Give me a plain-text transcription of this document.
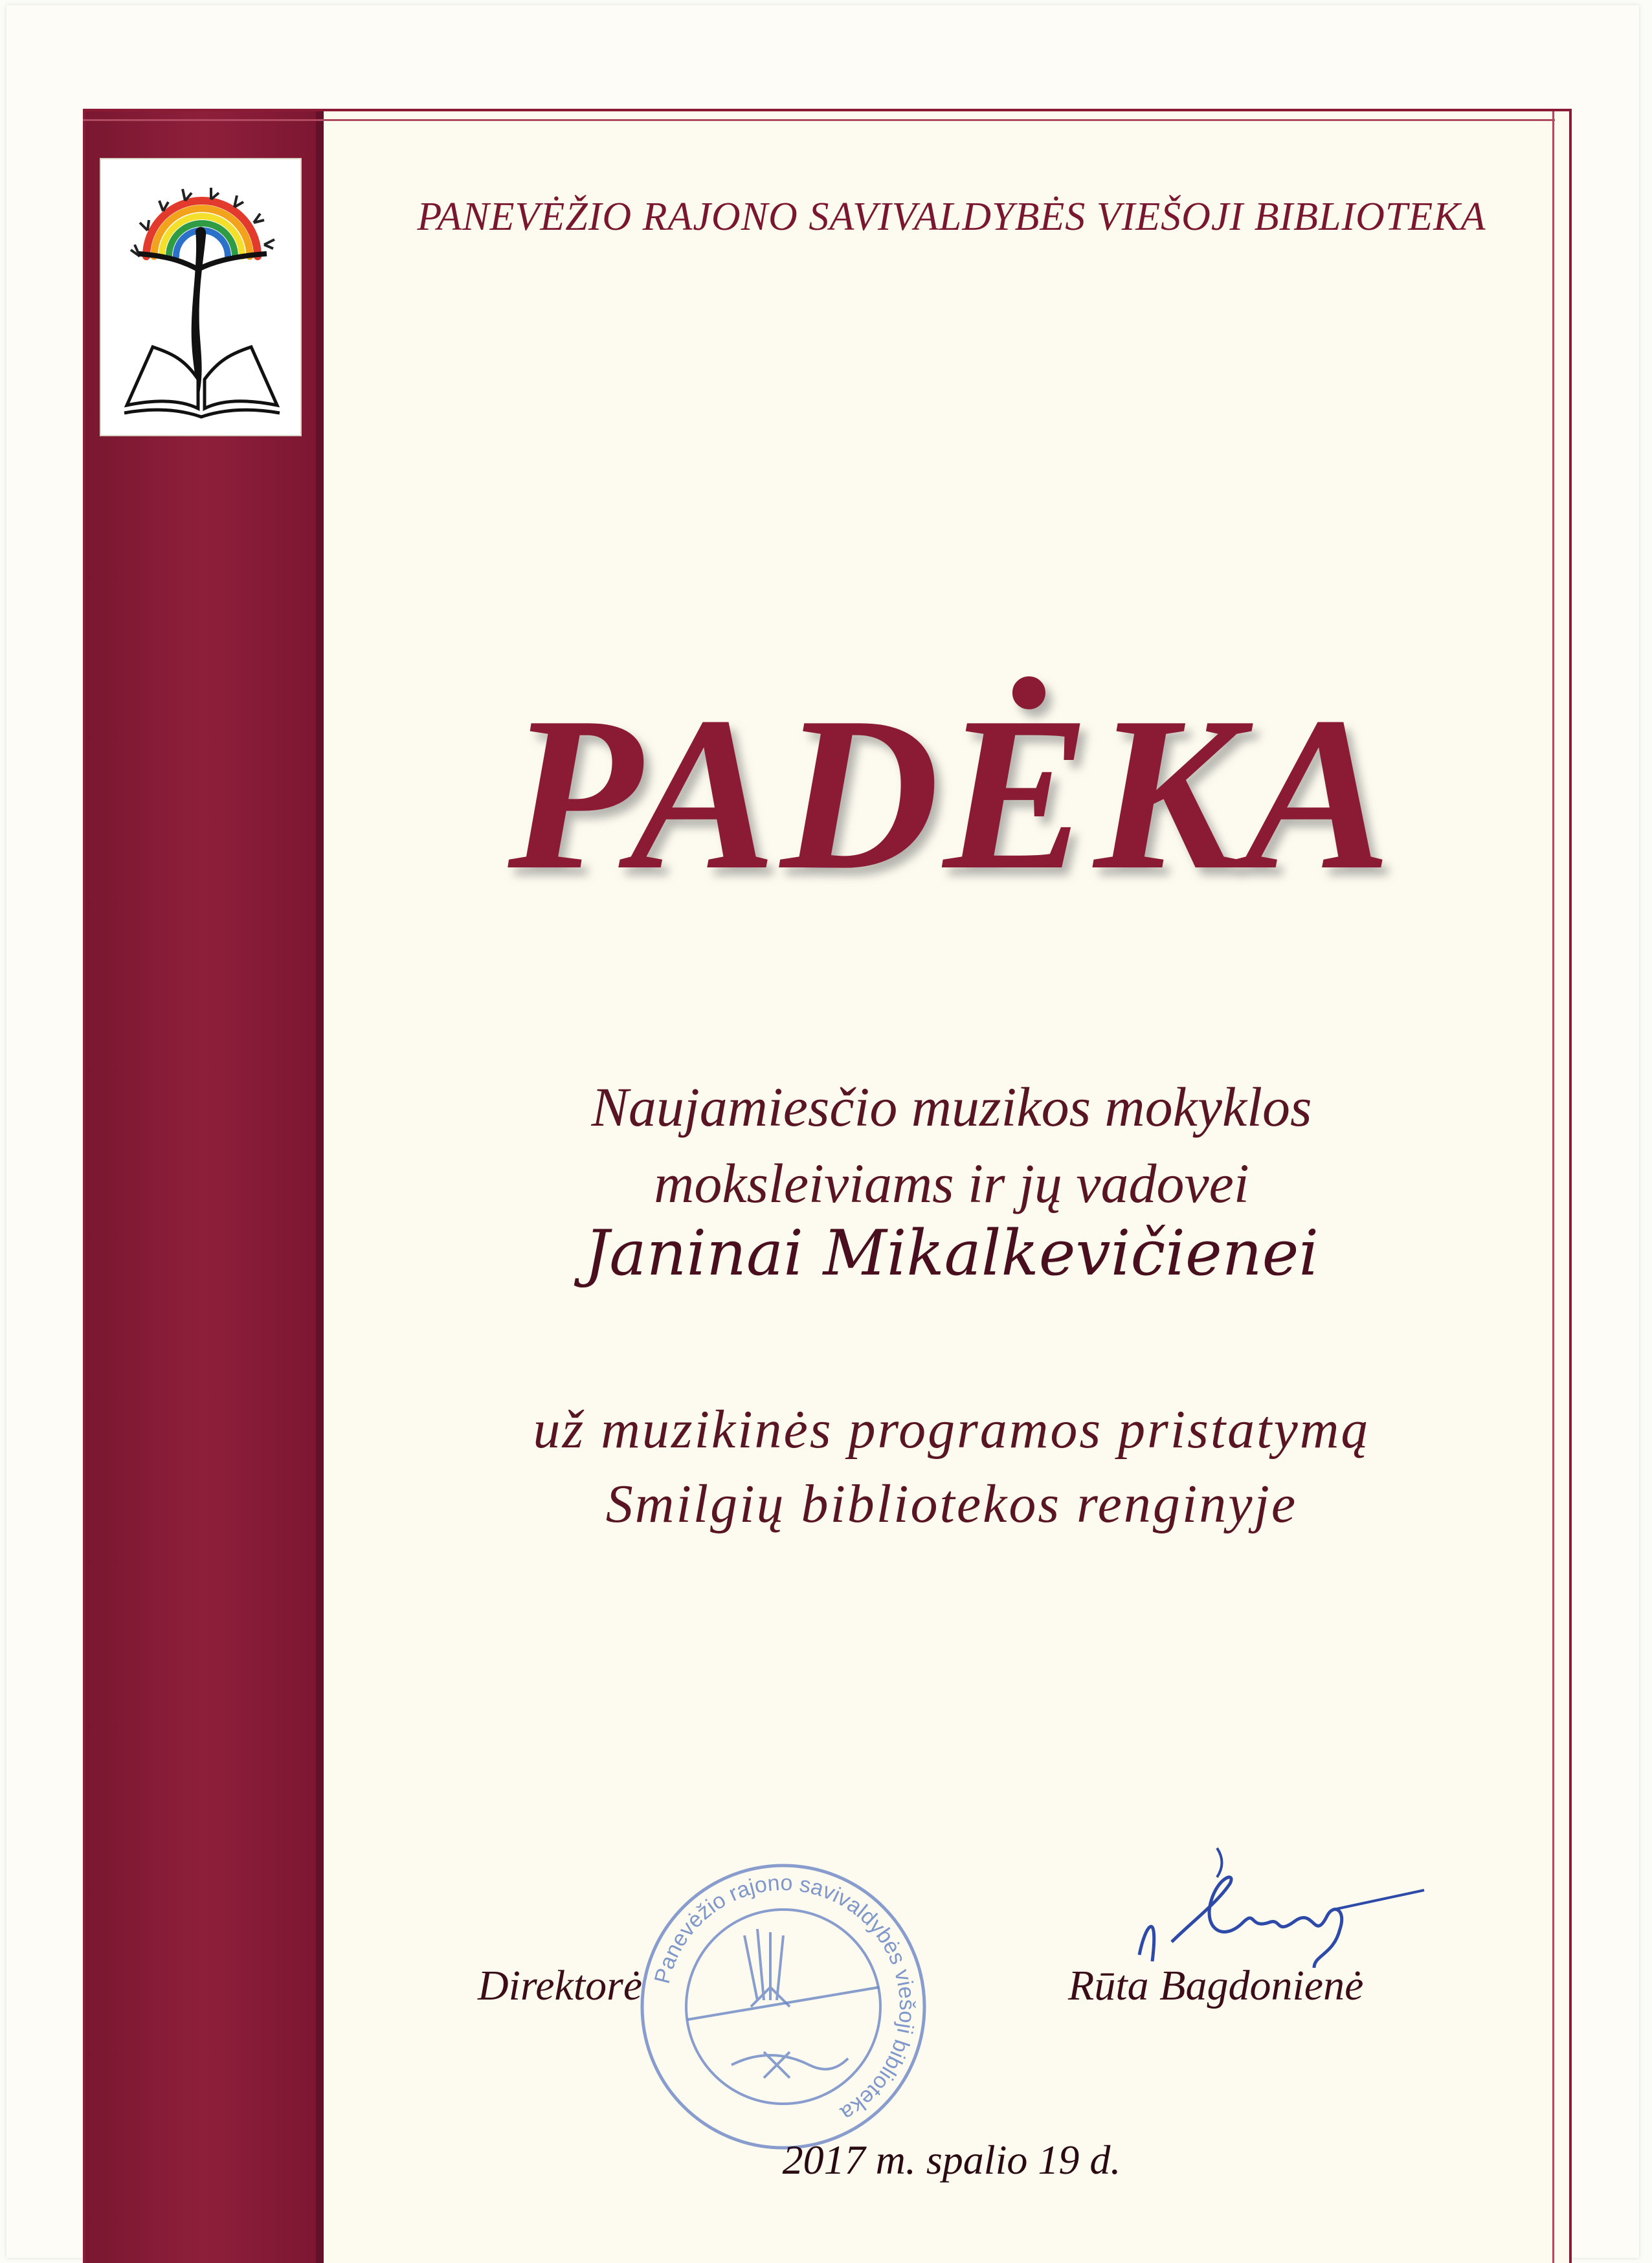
PANEVĖŽIO RAJONO SAVIVALDYBĖS VIEŠOJI BIBLIOTEKA
PADĖKA
Naujamiesčio muzikos mokyklos
moksleiviams ir jų vadovei
Janinai Mikalkevičienei
už muzikinės programos pristatymą
Smilgių bibliotekos renginyje
Panevėžio rajono savivaldybės viešoji biblioteka
Direktorė	Rūta Bagdonienė
2017 m. spalio 19 d.
